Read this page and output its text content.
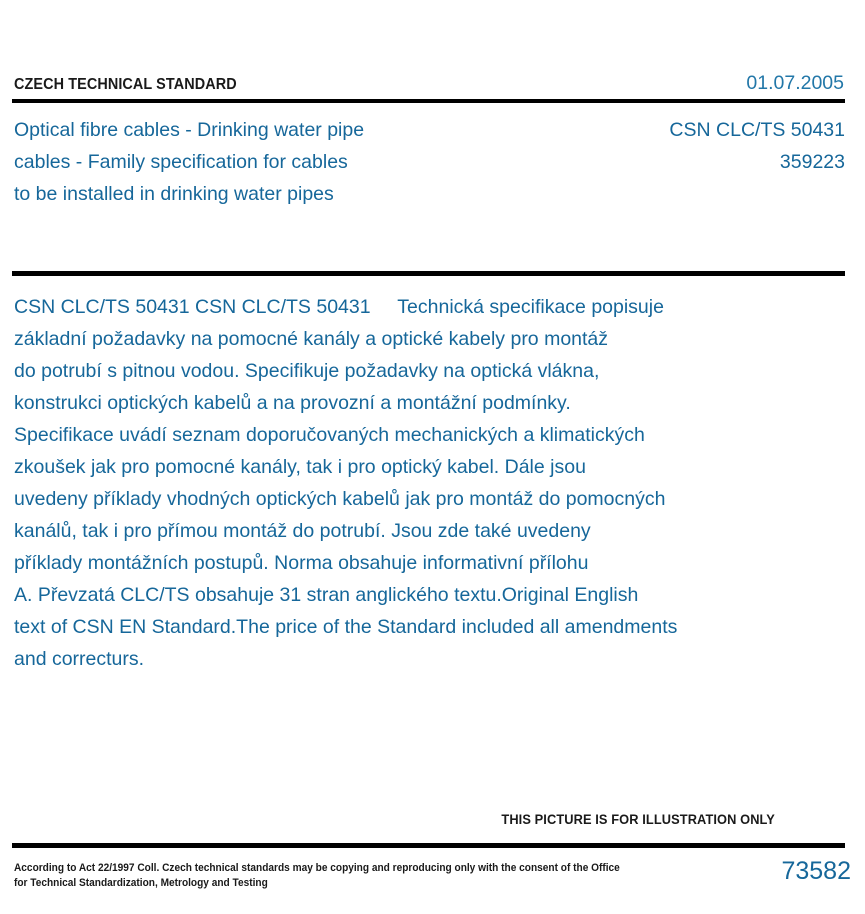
CZECH TECHNICAL STANDARD	01.07.2005
Optical fibre cables - Drinking water pipe	CSN CLC/TS 50431
cables - Family specification for cables	359223
to be installed in drinking water pipes
CSN CLC/TS 50431 CSN CLC/TS 50431     Technická specifikace popisuje
základní požadavky na pomocné kanály a optické kabely pro montáž
do potrubí s pitnou vodou. Specifikuje požadavky na optická vlákna,
konstrukci optických kabelů a na provozní a montážní podmínky.
Specifikace uvádí seznam doporučovaných mechanických a klimatických
zkoušek jak pro pomocné kanály, tak i pro optický kabel. Dále jsou
uvedeny příklady vhodných optických kabelů jak pro montáž do pomocných
kanálů, tak i pro přímou montáž do potrubí. Jsou zde také uvedeny
příklady montážních postupů. Norma obsahuje informativní přílohu
A. Převzatá CLC/TS obsahuje 31 stran anglického textu.Original English
text of CSN EN Standard.The price of the Standard included all amendments
and correcturs.
THIS PICTURE IS FOR ILLUSTRATION ONLY
According to Act 22/1997 Coll. Czech technical standards may be copying and reproducing only with the consent of the Office
for Technical Standardization, Metrology and Testing	73582
